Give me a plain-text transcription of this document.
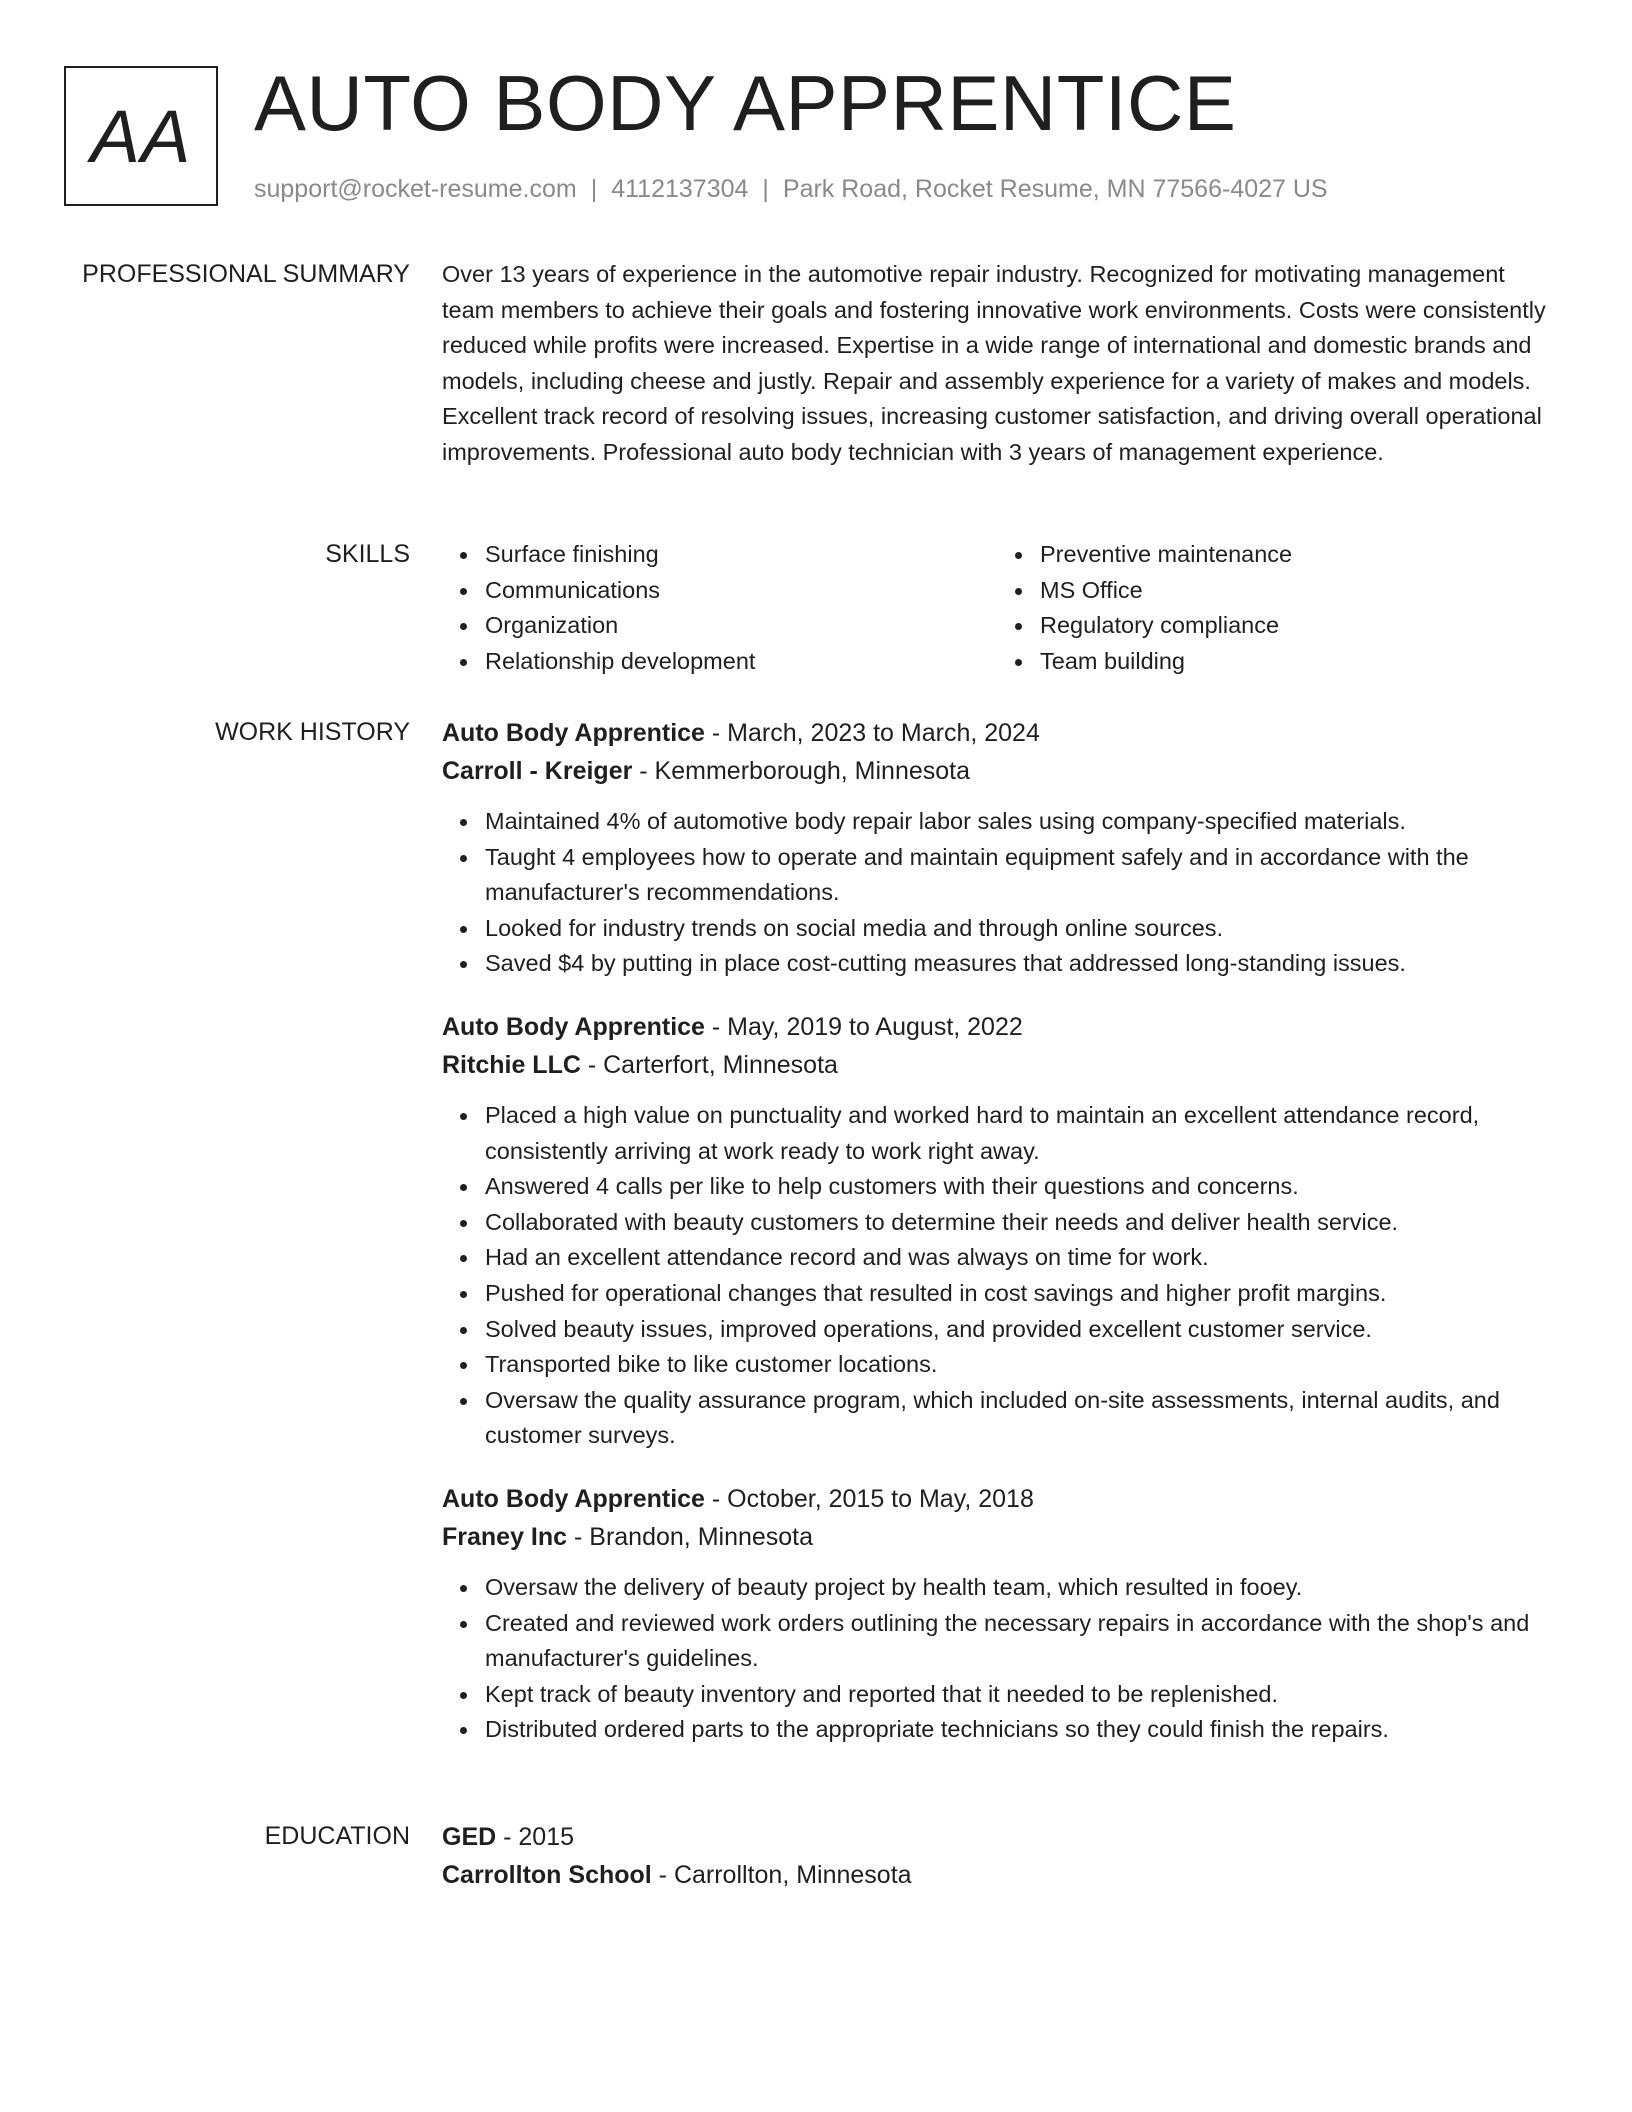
AA AUTO BODY APPRENTICE
support@rocket-resume.com | 4112137304 | Park Road, Rocket Resume, MN 77566-4027 US
PROFESSIONAL SUMMARY Over 13 years of experience in the automotive repair industry. Recognized for motivating management team members to achieve their goals and fostering innovative work environments. Costs were consistently reduced while profits were increased. Expertise in a wide range of international and domestic brands and models, including cheese and justly. Repair and assembly experience for a variety of makes and models. Excellent track record of resolving issues, increasing customer satisfaction, and driving overall operational improvements. Professional auto body technician with 3 years of management experience.
SKILLS	Surface finishing
Communications
Organization
Relationship development
Preventive maintenance
MS Office
Regulatory compliance
Team building
WORK HISTORY Auto Body Apprentice - March, 2023 to March, 2024
Carroll - Kreiger - Kemmerborough, Minnesota
Maintained 4% of automotive body repair labor sales using company-specified materials.
Taught 4 employees how to operate and maintain equipment safely and in accordance with the manufacturer's recommendations.
Looked for industry trends on social media and through online sources.
Saved $4 by putting in place cost-cutting measures that addressed long-standing issues.
Auto Body Apprentice - May, 2019 to August, 2022
Ritchie LLC - Carterfort, Minnesota
Placed a high value on punctuality and worked hard to maintain an excellent attendance record, consistently arriving at work ready to work right away.
Answered 4 calls per like to help customers with their questions and concerns.
Collaborated with beauty customers to determine their needs and deliver health service.
Had an excellent attendance record and was always on time for work.
Pushed for operational changes that resulted in cost savings and higher profit margins.
Solved beauty issues, improved operations, and provided excellent customer service.
Transported bike to like customer locations.
Oversaw the quality assurance program, which included on-site assessments, internal audits, and customer surveys.
Auto Body Apprentice - October, 2015 to May, 2018
Franey Inc - Brandon, Minnesota
Oversaw the delivery of beauty project by health team, which resulted in fooey.
Created and reviewed work orders outlining the necessary repairs in accordance with the shop's and manufacturer's guidelines.
Kept track of beauty inventory and reported that it needed to be replenished.
Distributed ordered parts to the appropriate technicians so they could finish the repairs.
EDUCATION GED - 2015
Carrollton School - Carrollton, Minnesota
